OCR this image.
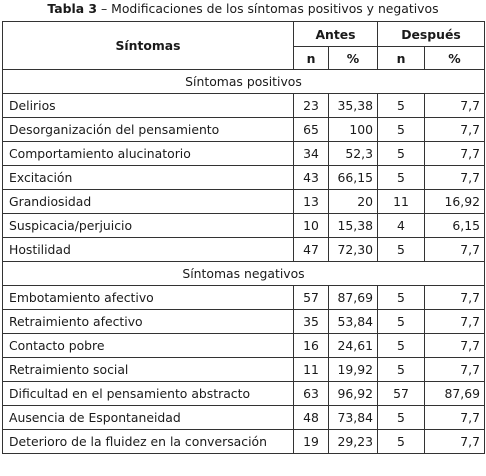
Tabla 3 – Modificaciones de los síntomas positivos y negativos
Síntomas	Antes		Después	
	n	%	n	%
Síntomas positivos				
Delirios	23	35,38	5	7,7
Desorganización del pensamiento	65	100	5	7,7
Comportamiento alucinatorio	34	52,3	5	7,7
Excitación	43	66,15	5	7,7
Grandiosidad	13	20	11	16,92
Suspicacia/perjuicio	10	15,38	4	6,15
Hostilidad	47	72,30	5	7,7
Síntomas negativos				
Embotamiento afectivo	57	87,69	5	7,7
Retraimiento afectivo	35	53,84	5	7,7
Contacto pobre	16	24,61	5	7,7
Retraimiento social	11	19,92	5	7,7
Dificultad en el pensamiento abstracto	63	96,92	57	87,69
Ausencia de Espontaneidad	48	73,84	5	7,7
Deterioro de la fluidez en la conversación	19	29,23	5	7,7
